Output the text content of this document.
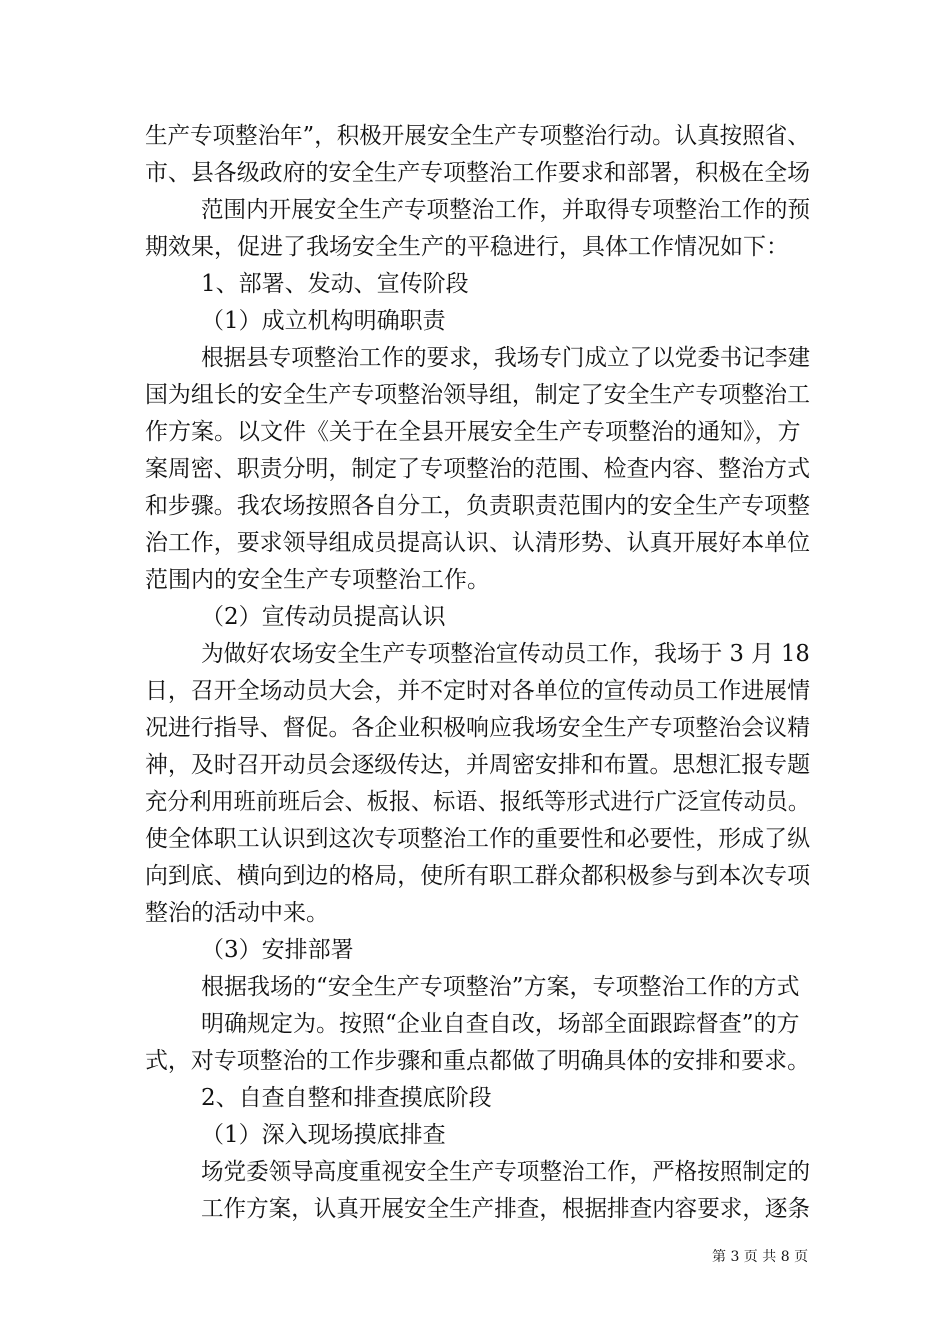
生产专项整治年”，积极开展安全生产专项整治行动。认真按照省、
市、县各级政府的安全生产专项整治工作要求和部署，积极在全场
范围内开展安全生产专项整治工作，并取得专项整治工作的预
期效果，促进了我场安全生产的平稳进行，具体工作情况如下：
1、部署、发动、宣传阶段
（1）成立机构明确职责
根据县专项整治工作的要求，我场专门成立了以党委书记李建
国为组长的安全生产专项整治领导组，制定了安全生产专项整治工
作方案。以文件《关于在全县开展安全生产专项整治的通知》，方
案周密、职责分明，制定了专项整治的范围、检查内容、整治方式
和步骤。我农场按照各自分工，负责职责范围内的安全生产专项整
治工作，要求领导组成员提高认识、认清形势、认真开展好本单位
范围内的安全生产专项整治工作。
（2）宣传动员提高认识
为做好农场安全生产专项整治宣传动员工作，我场于 3 月 18
日，召开全场动员大会，并不定时对各单位的宣传动员工作进展情
况进行指导、督促。各企业积极响应我场安全生产专项整治会议精
神，及时召开动员会逐级传达，并周密安排和布置。思想汇报专题
充分利用班前班后会、板报、标语、报纸等形式进行广泛宣传动员。
使全体职工认识到这次专项整治工作的重要性和必要性，形成了纵
向到底、横向到边的格局，使所有职工群众都积极参与到本次专项
整治的活动中来。
（3）安排部署
根据我场的“安全生产专项整治”方案，专项整治工作的方式
明确规定为。按照“企业自查自改，场部全面跟踪督查”的方
式，对专项整治的工作步骤和重点都做了明确具体的安排和要求。
2、自查自整和排查摸底阶段
（1）深入现场摸底排查
场党委领导高度重视安全生产专项整治工作，严格按照制定的
工作方案，认真开展安全生产排查，根据排查内容要求，逐条
第 3 页 共 8 页
